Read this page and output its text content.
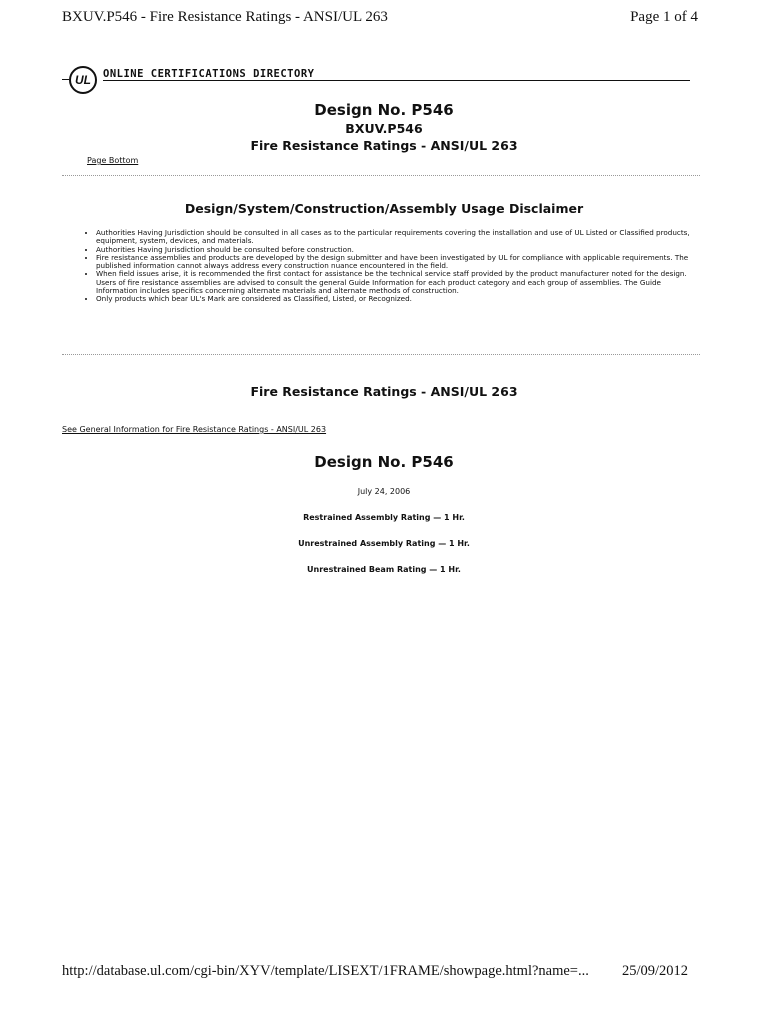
BXUV.P546 - Fire Resistance Ratings - ANSI/UL 263	Page 1 of 4
UL	ONLINE CERTIFICATIONS DIRECTORY
Design No. P546
BXUV.P546
Fire Resistance Ratings - ANSI/UL 263
Page Bottom
Design/System/Construction/Assembly Usage Disclaimer
• Authorities Having Jurisdiction should be consulted in all cases as to the particular requirements covering the installation and use of UL Listed or Classified products, equipment, system, devices, and materials.
• Authorities Having Jurisdiction should be consulted before construction.
• Fire resistance assemblies and products are developed by the design submitter and have been investigated by UL for compliance with applicable requirements. The published information cannot always address every construction nuance encountered in the field.
• When field issues arise, it is recommended the first contact for assistance be the technical service staff provided by the product manufacturer noted for the design. Users of fire resistance assemblies are advised to consult the general Guide Information for each product category and each group of assemblies. The Guide Information includes specifics concerning alternate materials and alternate methods of construction.
• Only products which bear UL's Mark are considered as Classified, Listed, or Recognized.
Fire Resistance Ratings - ANSI/UL 263
See General Information for Fire Resistance Ratings - ANSI/UL 263
Design No. P546
July 24, 2006
Restrained Assembly Rating — 1 Hr.
Unrestrained Assembly Rating — 1 Hr.
Unrestrained Beam Rating — 1 Hr.
http://database.ul.com/cgi-bin/XYV/template/LISEXT/1FRAME/showpage.html?name=... 25/09/2012
